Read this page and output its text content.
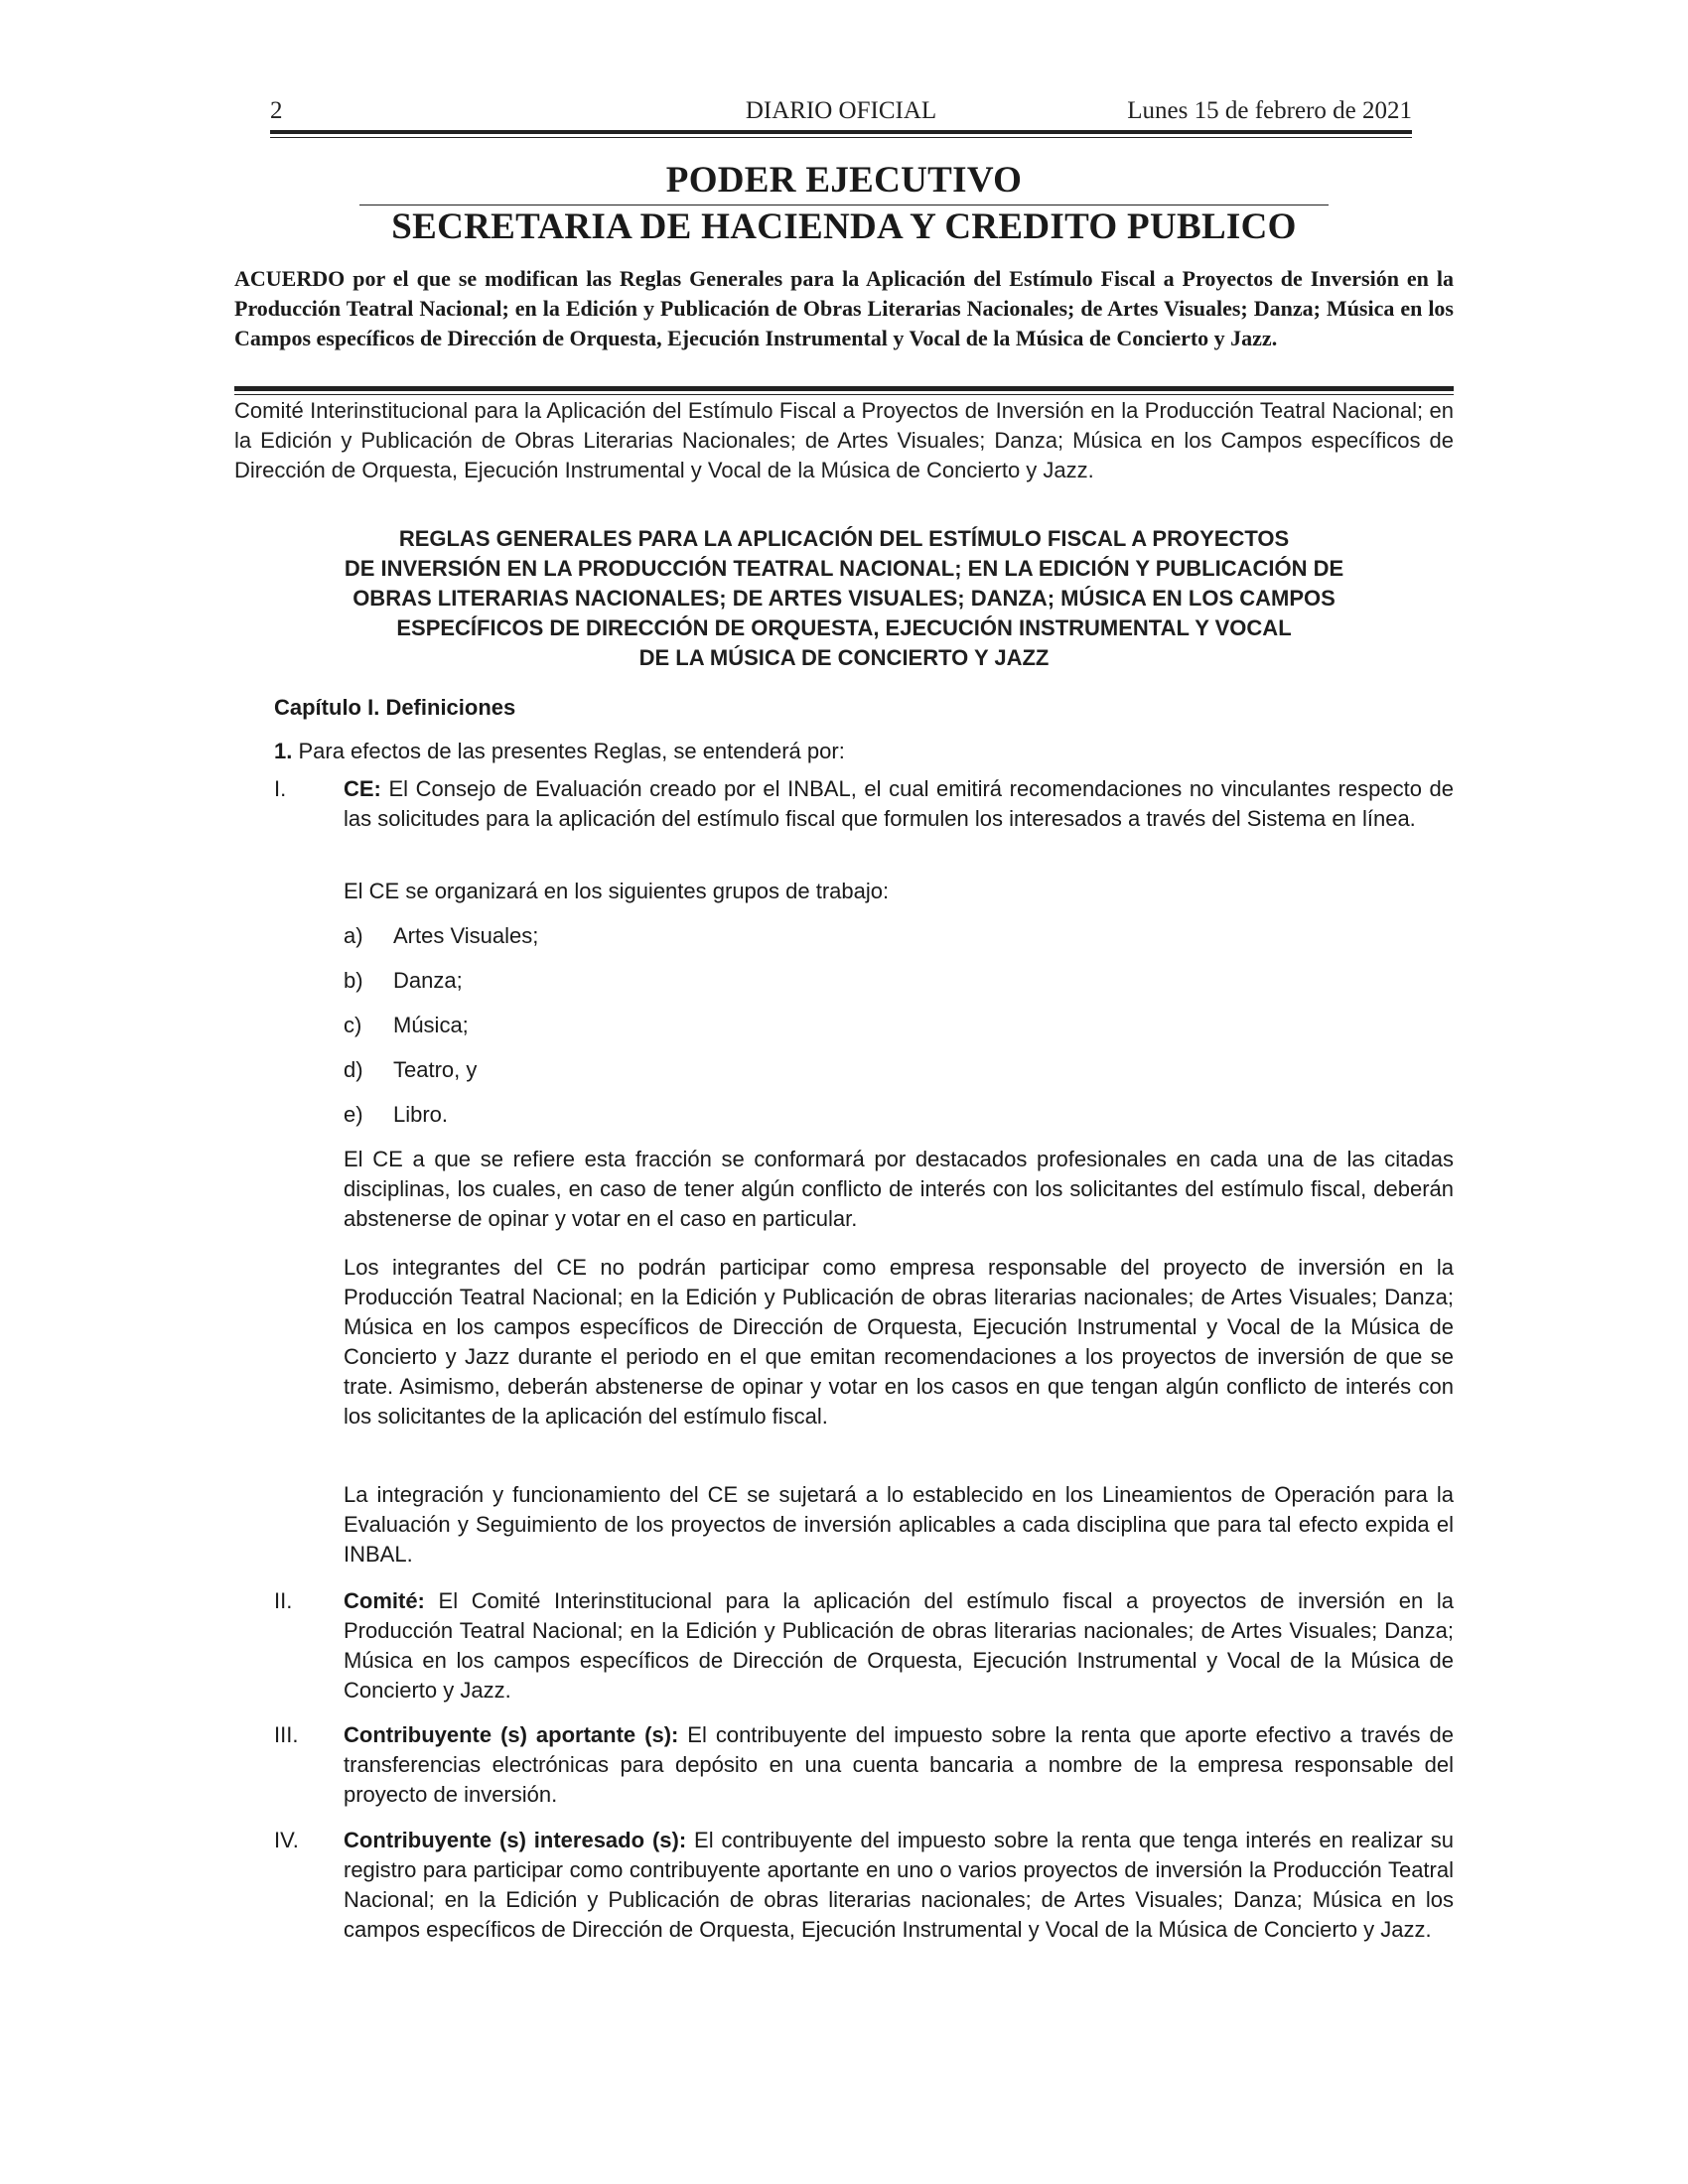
2	DIARIO OFICIAL	Lunes 15 de febrero de 2021
PODER EJECUTIVO
SECRETARIA DE HACIENDA Y CREDITO PUBLICO
ACUERDO por el que se modifican las Reglas Generales para la Aplicación del Estímulo Fiscal a Proyectos de Inversión en la Producción Teatral Nacional; en la Edición y Publicación de Obras Literarias Nacionales; de Artes Visuales; Danza; Música en los Campos específicos de Dirección de Orquesta, Ejecución Instrumental y Vocal de la Música de Concierto y Jazz.
Comité Interinstitucional para la Aplicación del Estímulo Fiscal a Proyectos de Inversión en la Producción Teatral Nacional; en la Edición y Publicación de Obras Literarias Nacionales; de Artes Visuales; Danza; Música en los Campos específicos de Dirección de Orquesta, Ejecución Instrumental y Vocal de la Música de Concierto y Jazz.
REGLAS GENERALES PARA LA APLICACIÓN DEL ESTÍMULO FISCAL A PROYECTOS
DE INVERSIÓN EN LA PRODUCCIÓN TEATRAL NACIONAL; EN LA EDICIÓN Y PUBLICACIÓN DE
OBRAS LITERARIAS NACIONALES; DE ARTES VISUALES; DANZA; MÚSICA EN LOS CAMPOS
ESPECÍFICOS DE DIRECCIÓN DE ORQUESTA, EJECUCIÓN INSTRUMENTAL Y VOCAL
DE LA MÚSICA DE CONCIERTO Y JAZZ
Capítulo I. Definiciones
1. Para efectos de las presentes Reglas, se entenderá por:
I.	CE: El Consejo de Evaluación creado por el INBAL, el cual emitirá recomendaciones no vinculantes respecto de las solicitudes para la aplicación del estímulo fiscal que formulen los interesados a través del Sistema en línea.
El CE se organizará en los siguientes grupos de trabajo:
a) Artes Visuales;
b) Danza;
c) Música;
d) Teatro, y
e) Libro.
El CE a que se refiere esta fracción se conformará por destacados profesionales en cada una de las citadas disciplinas, los cuales, en caso de tener algún conflicto de interés con los solicitantes del estímulo fiscal, deberán abstenerse de opinar y votar en el caso en particular.
Los integrantes del CE no podrán participar como empresa responsable del proyecto de inversión en la Producción Teatral Nacional; en la Edición y Publicación de obras literarias nacionales; de Artes Visuales; Danza; Música en los campos específicos de Dirección de Orquesta, Ejecución Instrumental y Vocal de la Música de Concierto y Jazz durante el periodo en el que emitan recomendaciones a los proyectos de inversión de que se trate. Asimismo, deberán abstenerse de opinar y votar en los casos en que tengan algún conflicto de interés con los solicitantes de la aplicación del estímulo fiscal.
La integración y funcionamiento del CE se sujetará a lo establecido en los Lineamientos de Operación para la Evaluación y Seguimiento de los proyectos de inversión aplicables a cada disciplina que para tal efecto expida el INBAL.
II. Comité: El Comité Interinstitucional para la aplicación del estímulo fiscal a proyectos de inversión en la Producción Teatral Nacional; en la Edición y Publicación de obras literarias nacionales; de Artes Visuales; Danza; Música en los campos específicos de Dirección de Orquesta, Ejecución Instrumental y Vocal de la Música de Concierto y Jazz.
III. Contribuyente (s) aportante (s): El contribuyente del impuesto sobre la renta que aporte efectivo a través de transferencias electrónicas para depósito en una cuenta bancaria a nombre de la empresa responsable del proyecto de inversión.
IV. Contribuyente (s) interesado (s): El contribuyente del impuesto sobre la renta que tenga interés en realizar su registro para participar como contribuyente aportante en uno o varios proyectos de inversión la Producción Teatral Nacional; en la Edición y Publicación de obras literarias nacionales; de Artes Visuales; Danza; Música en los campos específicos de Dirección de Orquesta, Ejecución Instrumental y Vocal de la Música de Concierto y Jazz.
